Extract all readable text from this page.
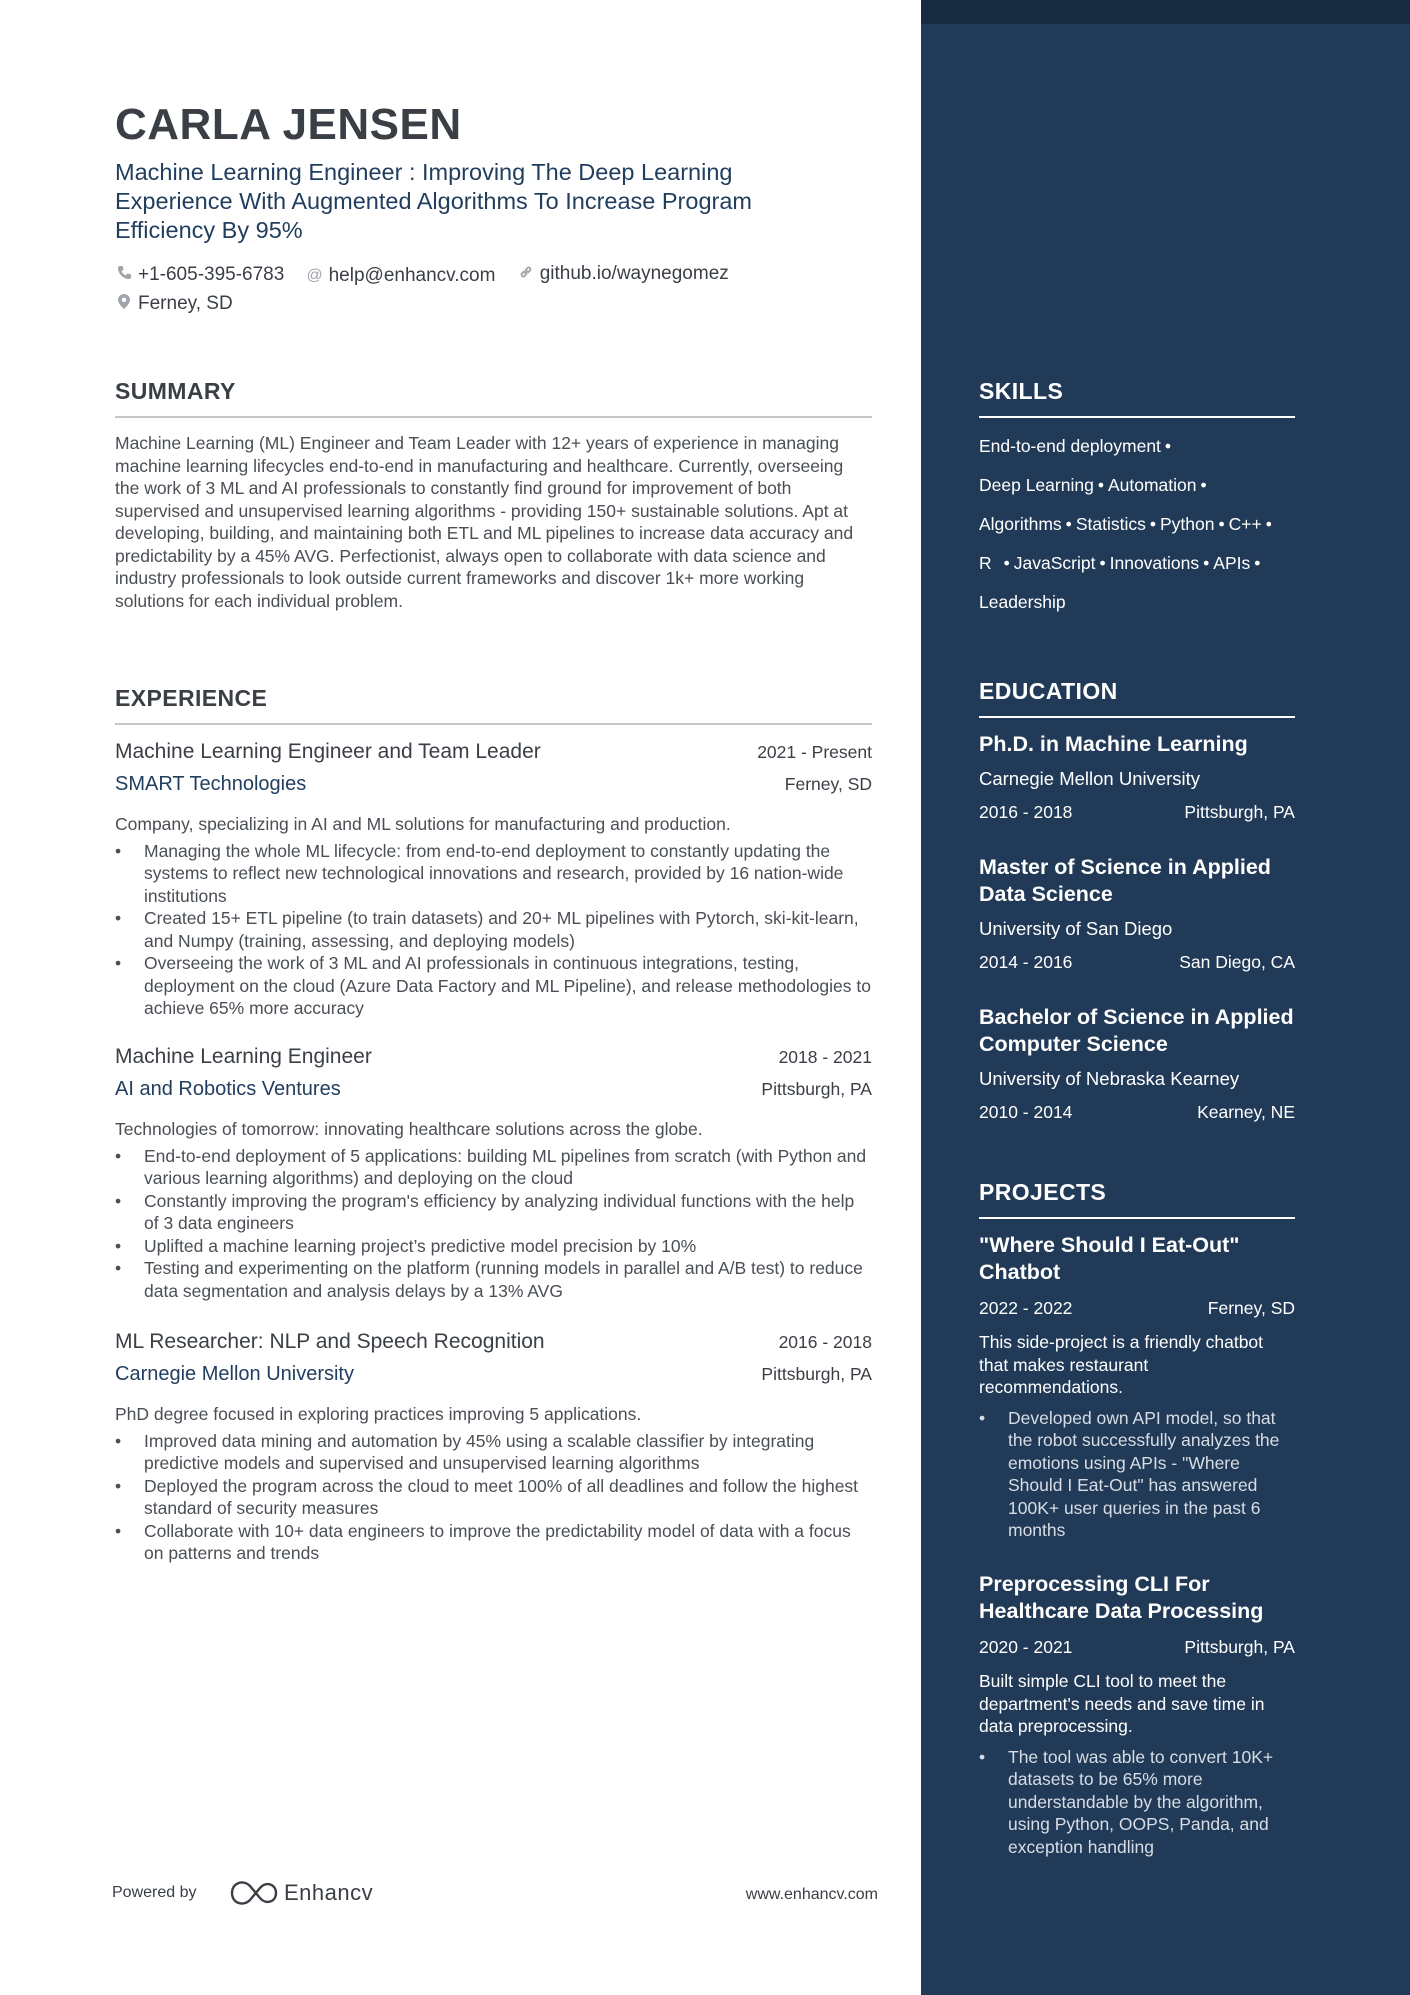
CARLA JENSEN

Machine Learning Engineer : Improving The Deep Learning Experience With Augmented Algorithms To Increase Program Efficiency By 95%

+1-605-395-6783
@ help@enhancv.com
github.io/waynegomez

Ferney, SD
SUMMARY

Machine Learning (ML) Engineer and Team Leader with 12+ years of experience in managing machine learning lifecycles end-to-end in manufacturing and healthcare. Currently, overseeing the work of 3 ML and AI professionals to constantly find ground for improvement of both supervised and unsupervised learning algorithms - providing 150+ sustainable solutions. Apt at developing, building, and maintaining both ETL and ML pipelines to increase data accuracy and predictability by a 45% AVG. Perfectionist, always open to collaborate with data science and industry professionals to look outside current frameworks and discover 1k+ more working solutions for each individual problem.

EXPERIENCE
Machine Learning Engineer and Team Leader	2021 - Present
SMART Technologies	Ferney, SD
Company, specializing in AI and ML solutions for manufacturing and production.
• Managing the whole ML lifecycle: from end-to-end deployment to constantly updating the systems to reflect new technological innovations and research, provided by 16 nation-wide institutions
• Created 15+ ETL pipeline (to train datasets) and 20+ ML pipelines with Pytorch, ski-kit-learn, and Numpy (training, assessing, and deploying models)
• Overseeing the work of 3 ML and AI professionals in continuous integrations, testing, deployment on the cloud (Azure Data Factory and ML Pipeline), and release methodologies to achieve 65% more accuracy
Machine Learning Engineer	2018 - 2021
AI and Robotics Ventures	Pittsburgh, PA
Technologies of tomorrow: innovating healthcare solutions across the globe.
• End-to-end deployment of 5 applications: building ML pipelines from scratch (with Python and various learning algorithms) and deploying on the cloud
• Constantly improving the program's efficiency by analyzing individual functions with the help of 3 data engineers
• Uplifted a machine learning project’s predictive model precision by 10%
• Testing and experimenting on the platform (running models in parallel and A/B test) to reduce data segmentation and analysis delays by a 13% AVG
ML Researcher: NLP and Speech Recognition	2016 - 2018
Carnegie Mellon University	Pittsburgh, PA
PhD degree focused in exploring practices improving 5 applications.
• Improved data mining and automation by 45% using a scalable classifier by integrating predictive models and supervised and unsupervised learning algorithms
• Deployed the program across the cloud to meet 100% of all deadlines and follow the highest standard of security measures
• Collaborate with 10+ data engineers to improve the predictability model of data with a focus on patterns and trends
SKILLS
End-to-end deployment •
Deep Learning • Automation •
Algorithms • Statistics • Python • C++ •
R • JavaScript • Innovations • APIs •
Leadership
EDUCATION
Ph.D. in Machine Learning
Carnegie Mellon University
2016 - 2018	Pittsburgh, PA
Master of Science in Applied Data Science
University of San Diego
2014 - 2016	San Diego, CA
Bachelor of Science in Applied Computer Science
University of Nebraska Kearney
2010 - 2014	Kearney, NE
PROJECTS
"Where Should I Eat-Out" Chatbot
2022 - 2022	Ferney, SD
This side-project is a friendly chatbot that makes restaurant recommendations.
• Developed own API model, so that the robot successfully analyzes the emotions using APIs - "Where Should I Eat-Out" has answered 100K+ user queries in the past 6 months
Preprocessing CLI For Healthcare Data Processing
2020 - 2021	Pittsburgh, PA
Built simple CLI tool to meet the department's needs and save time in data preprocessing.
• The tool was able to convert 10K+ datasets to be 65% more understandable by the algorithm, using Python, OOPS, Panda, and exception handling
Powered by	Enhancv	www.enhancv.com
